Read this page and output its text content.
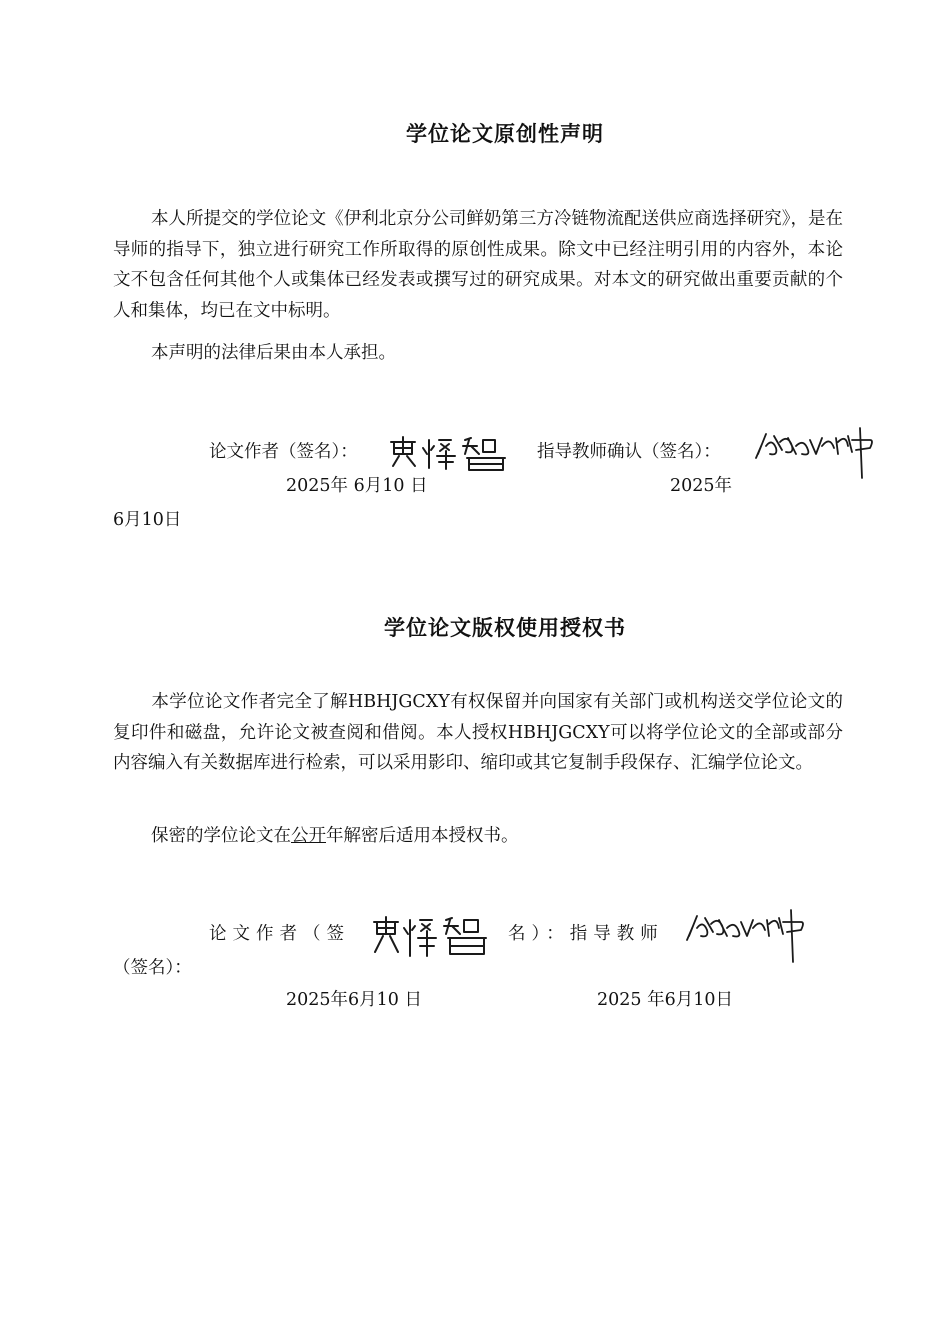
学位论文原创性声明

本人所提交的学位论文《伊利北京分公司鲜奶第三方冷链物流配送供应商选择研究》，是在导师的指导下，独立进行研究工作所取得的原创性成果。除文中已经注明引用的内容外，本论文不包含任何其他个人或集体已经发表或撰写过的研究成果。对本文的研究做出重要贡献的个人和集体，均已在文中标明。

本声明的法律后果由本人承担。

论文作者（签名）：	指导教师确认（签名）：
2025年 6月10 日	2025年
6月10日
学位论文版权使用授权书

本学位论文作者完全了解HBHJGCXY有权保留并向国家有关部门或机构送交学位论文的复印件和磁盘，允许论文被查阅和借阅。本人授权HBHJGCXY可以将学位论文的全部或部分内容编入有关数据库进行检索，可以采用影印、缩印或其它复制手段保存、汇编学位论文。

保密的学位论文在公开年解密后适用本授权书。

论文作者（签	名）：指导教师
（签名）：
2025年6月10 日	2025 年6月10日
